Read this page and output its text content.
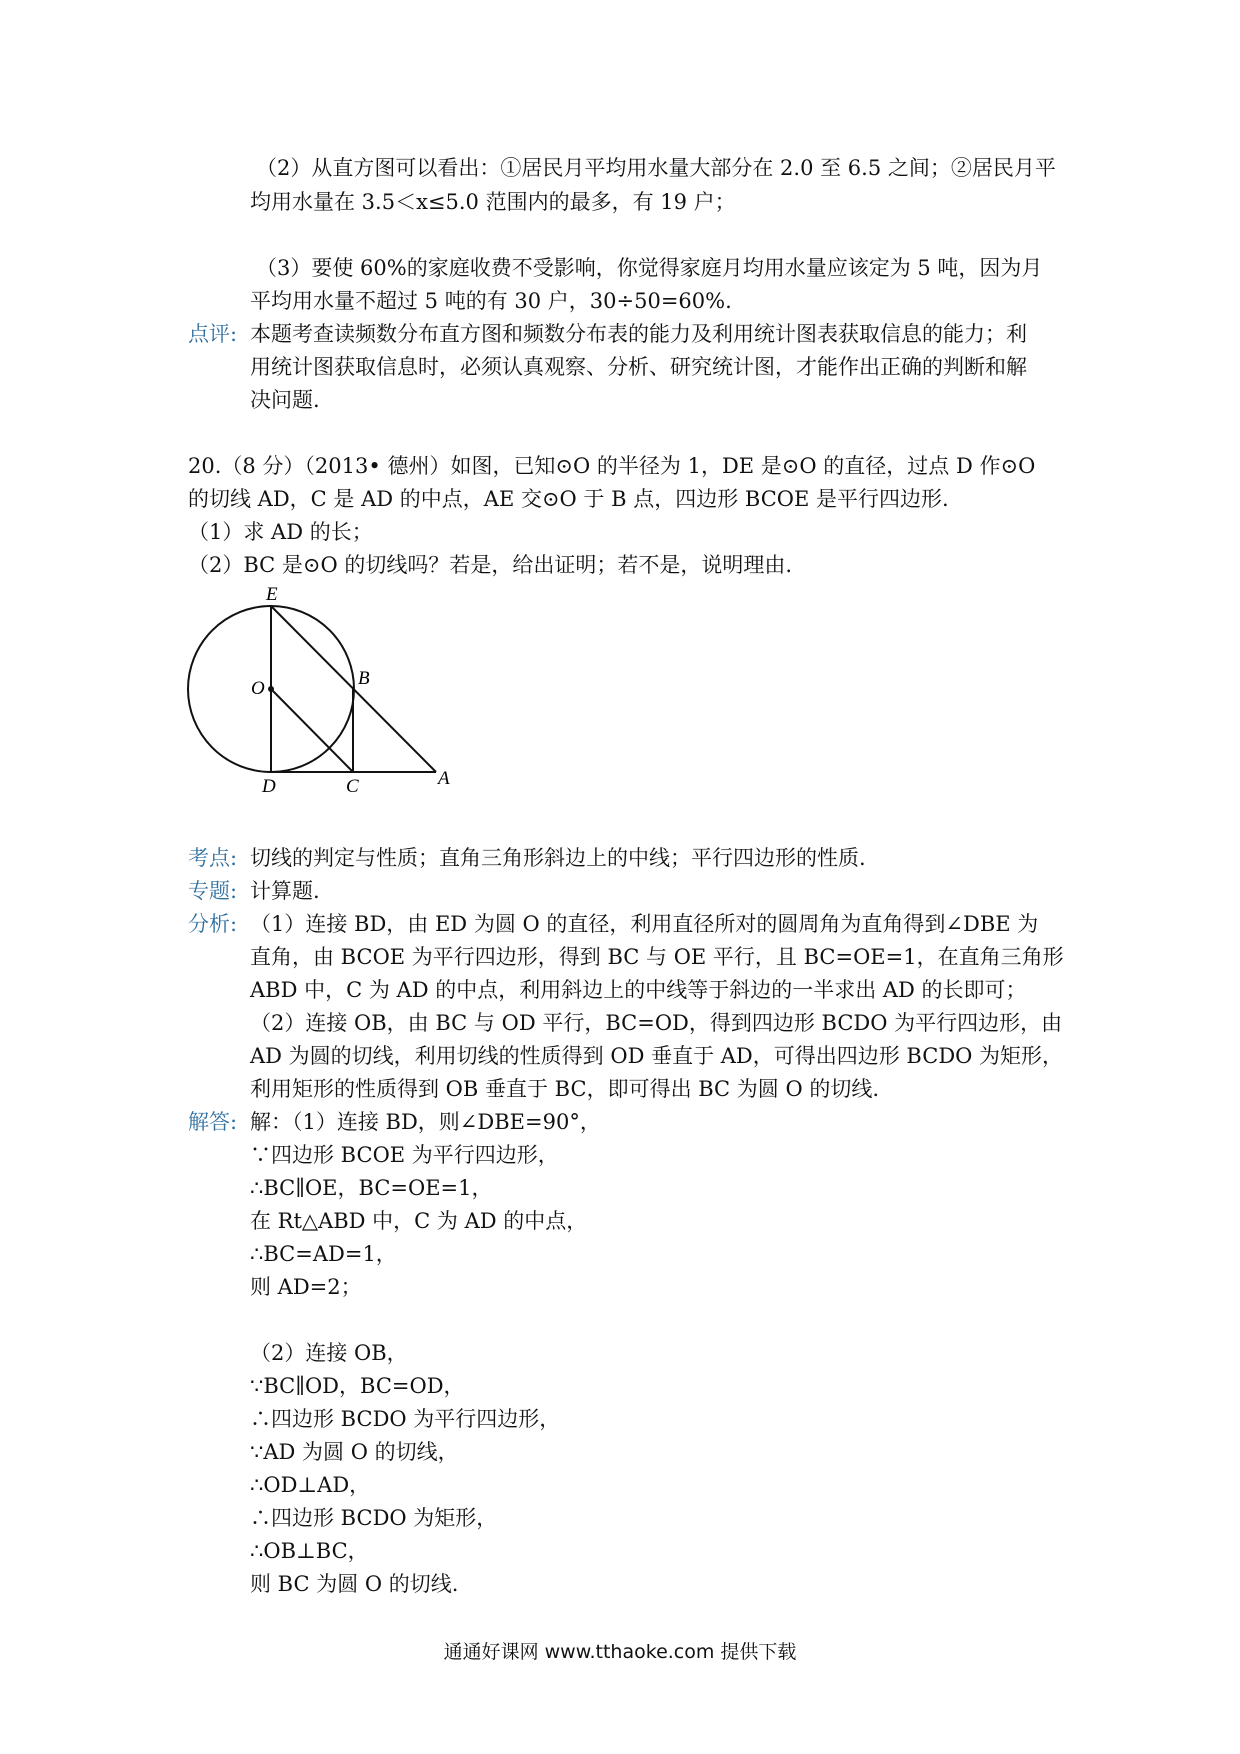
（2）从直方图可以看出：①居民月平均用水量大部分在 2.0 至 6.5 之间；②居民月平
均用水量在 3.5＜x≤5.0 范围内的最多，有 19 户；
（3）要使 60%的家庭收费不受影响，你觉得家庭月均用水量应该定为 5 吨，因为月
平均用水量不超过 5 吨的有 30 户，30÷50=60%.
点评: 本题考查读频数分布直方图和频数分布表的能力及利用统计图表获取信息的能力；利
用统计图获取信息时，必须认真观察、分析、研究统计图，才能作出正确的判断和解
决问题.
20.（8 分）（2013• 德州）如图，已知⊙O 的半径为 1，DE 是⊙O 的直径，过点 D 作⊙O
的切线 AD，C 是 AD 的中点，AE 交⊙O 于 B 点，四边形 BCOE 是平行四边形.
（1）求 AD 的长；
（2）BC 是⊙O 的切线吗？若是，给出证明；若不是，说明理由.
E
O	B
D	C	A
考点: 切线的判定与性质；直角三角形斜边上的中线；平行四边形的性质.
专题: 计算题.
分析: （1）连接 BD，由 ED 为圆 O 的直径，利用直径所对的圆周角为直角得到∠DBE 为
直角，由 BCOE 为平行四边形，得到 BC 与 OE 平行，且 BC=OE=1，在直角三角形
ABD 中，C 为 AD 的中点，利用斜边上的中线等于斜边的一半求出 AD 的长即可；
（2）连接 OB，由 BC 与 OD 平行，BC=OD，得到四边形 BCDO 为平行四边形，由
AD 为圆的切线，利用切线的性质得到 OD 垂直于 AD，可得出四边形 BCDO 为矩形，
利用矩形的性质得到 OB 垂直于 BC，即可得出 BC 为圆 O 的切线.
解答: 解：（1）连接 BD，则∠DBE=90°，
∵四边形 BCOE 为平行四边形，
∴BC∥OE，BC=OE=1，
在 Rt△ABD 中，C 为 AD 的中点，
∴BC=AD=1，
则 AD=2；
（2）连接 OB，
∵BC∥OD，BC=OD，
∴四边形 BCDO 为平行四边形，
∵AD 为圆 O 的切线，
∴OD⊥AD，
∴四边形 BCDO 为矩形，
∴OB⊥BC，
则 BC 为圆 O 的切线.
通通好课网 www.tthaoke.com 提供下载
